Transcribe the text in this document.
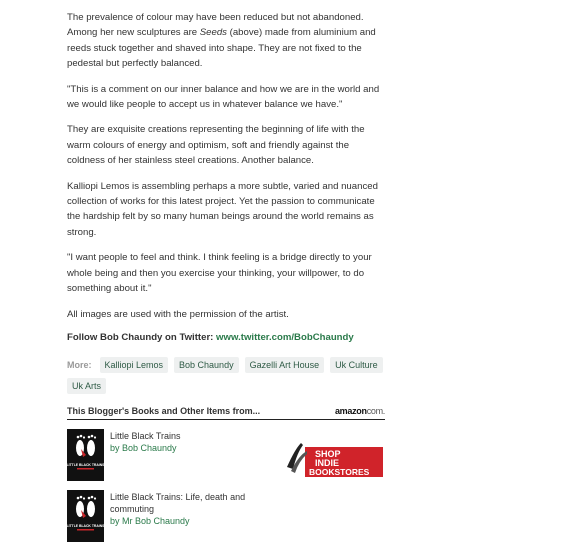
The prevalence of colour may have been reduced but not abandoned. Among her new sculptures are Seeds (above) made from aluminium and reeds stuck together and shaved into shape. They are not fixed to the pedestal but perfectly balanced.

"This is a comment on our inner balance and how we are in the world and we would like people to accept us in whatever balance we have."

They are exquisite creations representing the beginning of life with the warm colours of energy and optimism, soft and friendly against the coldness of her stainless steel creations. Another balance.

Kalliopi Lemos is assembling perhaps a more subtle, varied and nuanced collection of works for this latest project. Yet the passion to communicate the hardship felt by so many human beings around the world remains as strong.

"I want people to feel and think. I think feeling is a bridge directly to your whole being and then you exercise your thinking, your willpower, to do something about it."

All images are used with the permission of the artist.

Follow Bob Chaundy on Twitter: www.twitter.com/BobChaundy

More:	Kalliopi Lemos	Bob Chaundy	Gazelli Art House	Uk Culture
Uk Arts
This Blogger's Books and Other Items from...	amazoncom.
LITTLE BLACK TRAINS
Little Black Trains
by Bob Chaundy
SHOP
INDIE
BOOKSTORES
LITTLE BLACK TRAINS
Little Black Trains: Life, death and commuting
by Mr Bob Chaundy
